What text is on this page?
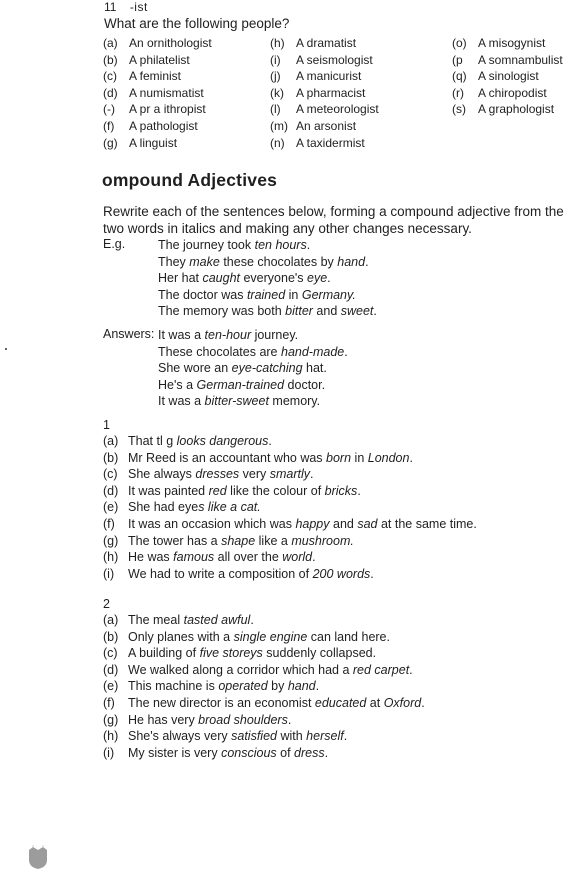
11 -ist
What are the following people?
(a) An ornithologist
(b) A philatelist
(c) A feminist
(d) A numismatist
(-) A pr a ithropist
(f) A pathologist
(g) A linguist
(h) A dramatist
(i) A seismologist
(j) A manicurist
(k) A pharmacist
(l) A meteorologist
(m) An arsonist
(n) A taxidermist
(o) A misogynist
(p A somnambulist
(q) A sinologist
(r) A chiropodist
(s) A graphologist
ompound Adjectives
Rewrite each of the sentences below, forming a compound adjective from the two words in italics and making any other changes necessary.
E.g.	The journey took ten hours.
They make these chocolates by hand.
Her hat caught everyone's eye.
The doctor was trained in Germany.
The memory was both bitter and sweet.
Answers: It was a ten-hour journey.
These chocolates are hand-made.
She wore an eye-catching hat.
He's a German-trained doctor.
It was a bitter-sweet memory.
1
(a) That tl g looks dangerous.
(b) Mr Reed is an accountant who was born in London.
(c) She always dresses very smartly.
(d) It was painted red like the colour of bricks.
(e) She had eyes like a cat.
(f) It was an occasion which was happy and sad at the same time.
(g) The tower has a shape like a mushroom.
(h) He was famous all over the world.
(i) We had to write a composition of 200 words.
2
(a) The meal tasted awful.
(b) Only planes with a single engine can land here.
(c) A building of five storeys suddenly collapsed.
(d) We walked along a corridor which had a red carpet.
(e) This machine is operated by hand.
(f) The new director is an economist educated at Oxford.
(g) He has very broad shoulders.
(h) She's always very satisfied with herself.
(i) My sister is very conscious of dress.
